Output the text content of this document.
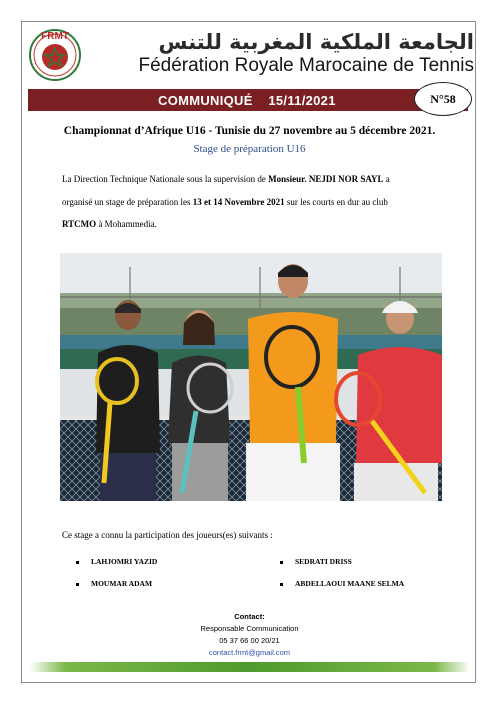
FRMT	الجامعة الملكية المغربية للتنس
Fédération Royale Marocaine de Tennis
COMMUNIQUÉ 15/11/2021	N°58
Championnat d’Afrique U16 - Tunisie du 27 novembre au 5 décembre 2021.
Stage de préparation U16
La Direction Technique Nationale sous la supervision de Monsieur. NEJDI NOR SAYL a
organisé un stage de préparation les 13 et 14 Novembre 2021 sur les courts en dur au club
RTCMO à Mohammedia.
Ce stage a connu la participation des joueurs(es) suivants :
LAHJOMRI YAZID	SEDRATI DRISS
MOUMAR ADAM	ABDELLAOUI MAANE SELMA
Contact:
Responsable Communication
05 37 66 00 20/21
contact.frmt@gmail.com
